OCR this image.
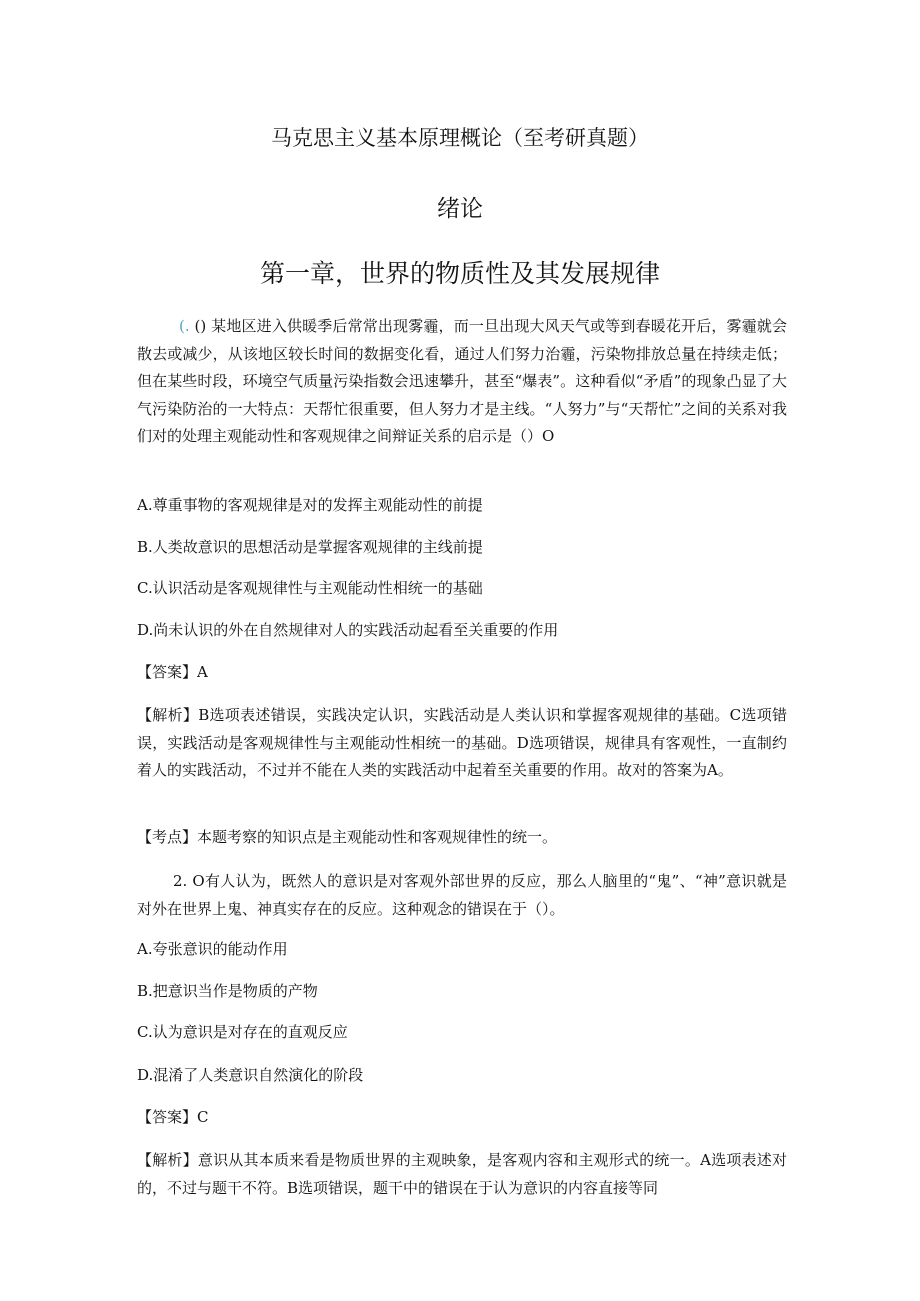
马克思主义基本原理概论（至考研真题）
绪论
第一章，世界的物质性及其发展规律
(. () 某地区进入供暖季后常常出现雾霾，而一旦出现大风天气或等到春暖花开后，雾霾就会散去或减少，从该地区较长时间的数据变化看，通过人们努力治霾，污染物排放总量在持续走低；但在某些时段，环境空气质量污染指数会迅速攀升，甚至“爆表”。这种看似“矛盾”的现象凸显了大气污染防治的一大特点：天帮忙很重要，但人努力才是主线。“人努力”与“天帮忙”之间的关系对我们对的处理主观能动性和客观规律之间辩证关系的启示是（）O
A.尊重事物的客观规律是对的发挥主观能动性的前提
B.人类故意识的思想活动是掌握客观规律的主线前提
C.认识活动是客观规律性与主观能动性相统一的基础
D.尚未认识的外在自然规律对人的实践活动起看至关重要的作用
【答案】A
【解析】B选项表述错误，实践决定认识，实践活动是人类认识和掌握客观规律的基础。C选项错误，实践活动是客观规律性与主观能动性相统一的基础。D选项错误，规律具有客观性，一直制约着人的实践活动，不过并不能在人类的实践活动中起着至关重要的作用。故对的答案为A。
【考点】本题考察的知识点是主观能动性和客观规律性的统一。
2. O有人认为，既然人的意识是对客观外部世界的反应，那么人脑里的“鬼”、“神”意识就是对外在世界上鬼、神真实存在的反应。这种观念的错误在于（）。
A.夸张意识的能动作用
B.把意识当作是物质的产物
C.认为意识是对存在的直观反应
D.混淆了人类意识自然演化的阶段
【答案】C
【解析】意识从其本质来看是物质世界的主观映象，是客观内容和主观形式的统一。A选项表述对的，不过与题干不符。B选项错误，题干中的错误在于认为意识的内容直接等同
